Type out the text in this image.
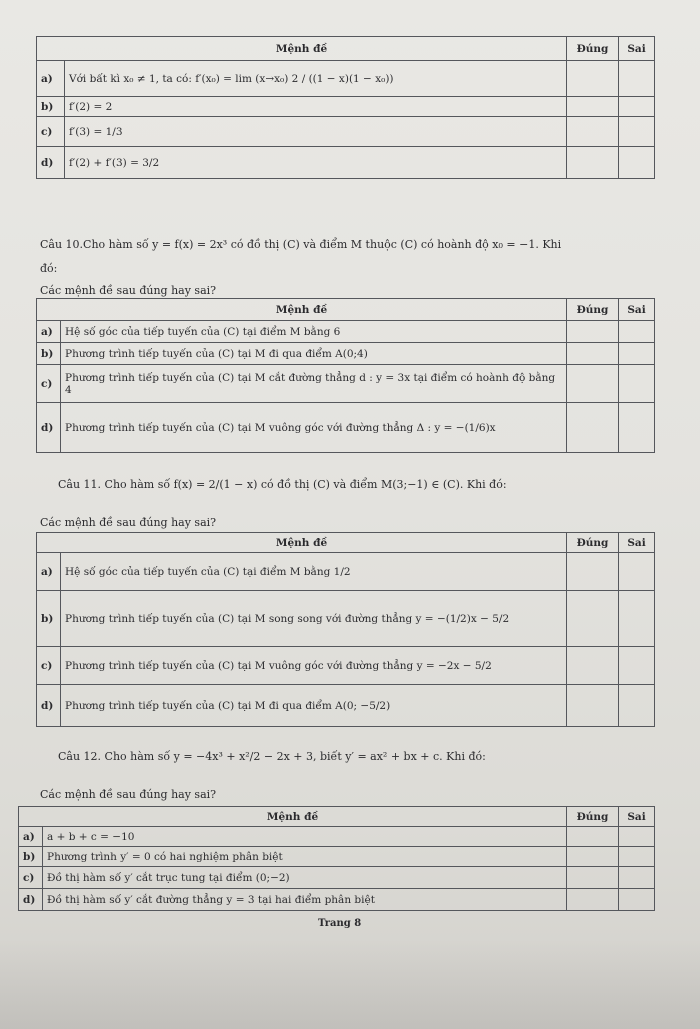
Mệnh đề		Đúng	Sai
a)	Với bất kì x₀ ≠ 1, ta có: f′(x₀) = lim (x→x₀) 2 / ((1 − x)(1 − x₀))		
b)	f′(2) = 2		
c)	f′(3) = 1/3		
d)	f′(2) + f′(3) = 3/2		
Câu 10.Cho hàm số y = f(x) = 2x³ có đồ thị (C) và điểm M thuộc (C) có hoành độ x₀ = −1. Khi
đó:
Các mệnh đề sau đúng hay sai?
Mệnh đề		Đúng	Sai
a)	Hệ số góc của tiếp tuyến của (C) tại điểm M bằng 6		
b)	Phương trình tiếp tuyến của (C) tại M đi qua điểm A(0;4)		
c)	Phương trình tiếp tuyến của (C) tại M cắt đường thẳng d : y = 3x tại điểm có hoành độ bằng 4		
d)	Phương trình tiếp tuyến của (C) tại M vuông góc với đường thẳng Δ : y = −(1/6)x		
Câu 11. Cho hàm số f(x) = 2/(1 − x) có đồ thị (C) và điểm M(3;−1) ∈ (C). Khi đó:
Các mệnh đề sau đúng hay sai?
Mệnh đề		Đúng	Sai
a)	Hệ số góc của tiếp tuyến của (C) tại điểm M bằng 1/2		
b)	Phương trình tiếp tuyến của (C) tại M song song với đường thẳng y = −(1/2)x − 5/2		
c)	Phương trình tiếp tuyến của (C) tại M vuông góc với đường thẳng y = −2x − 5/2		
d)	Phương trình tiếp tuyến của (C) tại M đi qua điểm A(0; −5/2)		
Câu 12. Cho hàm số y = −4x³ + x²/2 − 2x + 3, biết y′ = ax² + bx + c. Khi đó:
Các mệnh đề sau đúng hay sai?
Mệnh đề		Đúng	Sai
a)	a + b + c = −10		
b)	Phương trình y′ = 0 có hai nghiệm phân biệt		
c)	Đồ thị hàm số y′ cắt trục tung tại điểm (0;−2)		
d)	Đồ thị hàm số y′ cắt đường thẳng y = 3 tại hai điểm phân biệt		
Trang 8
